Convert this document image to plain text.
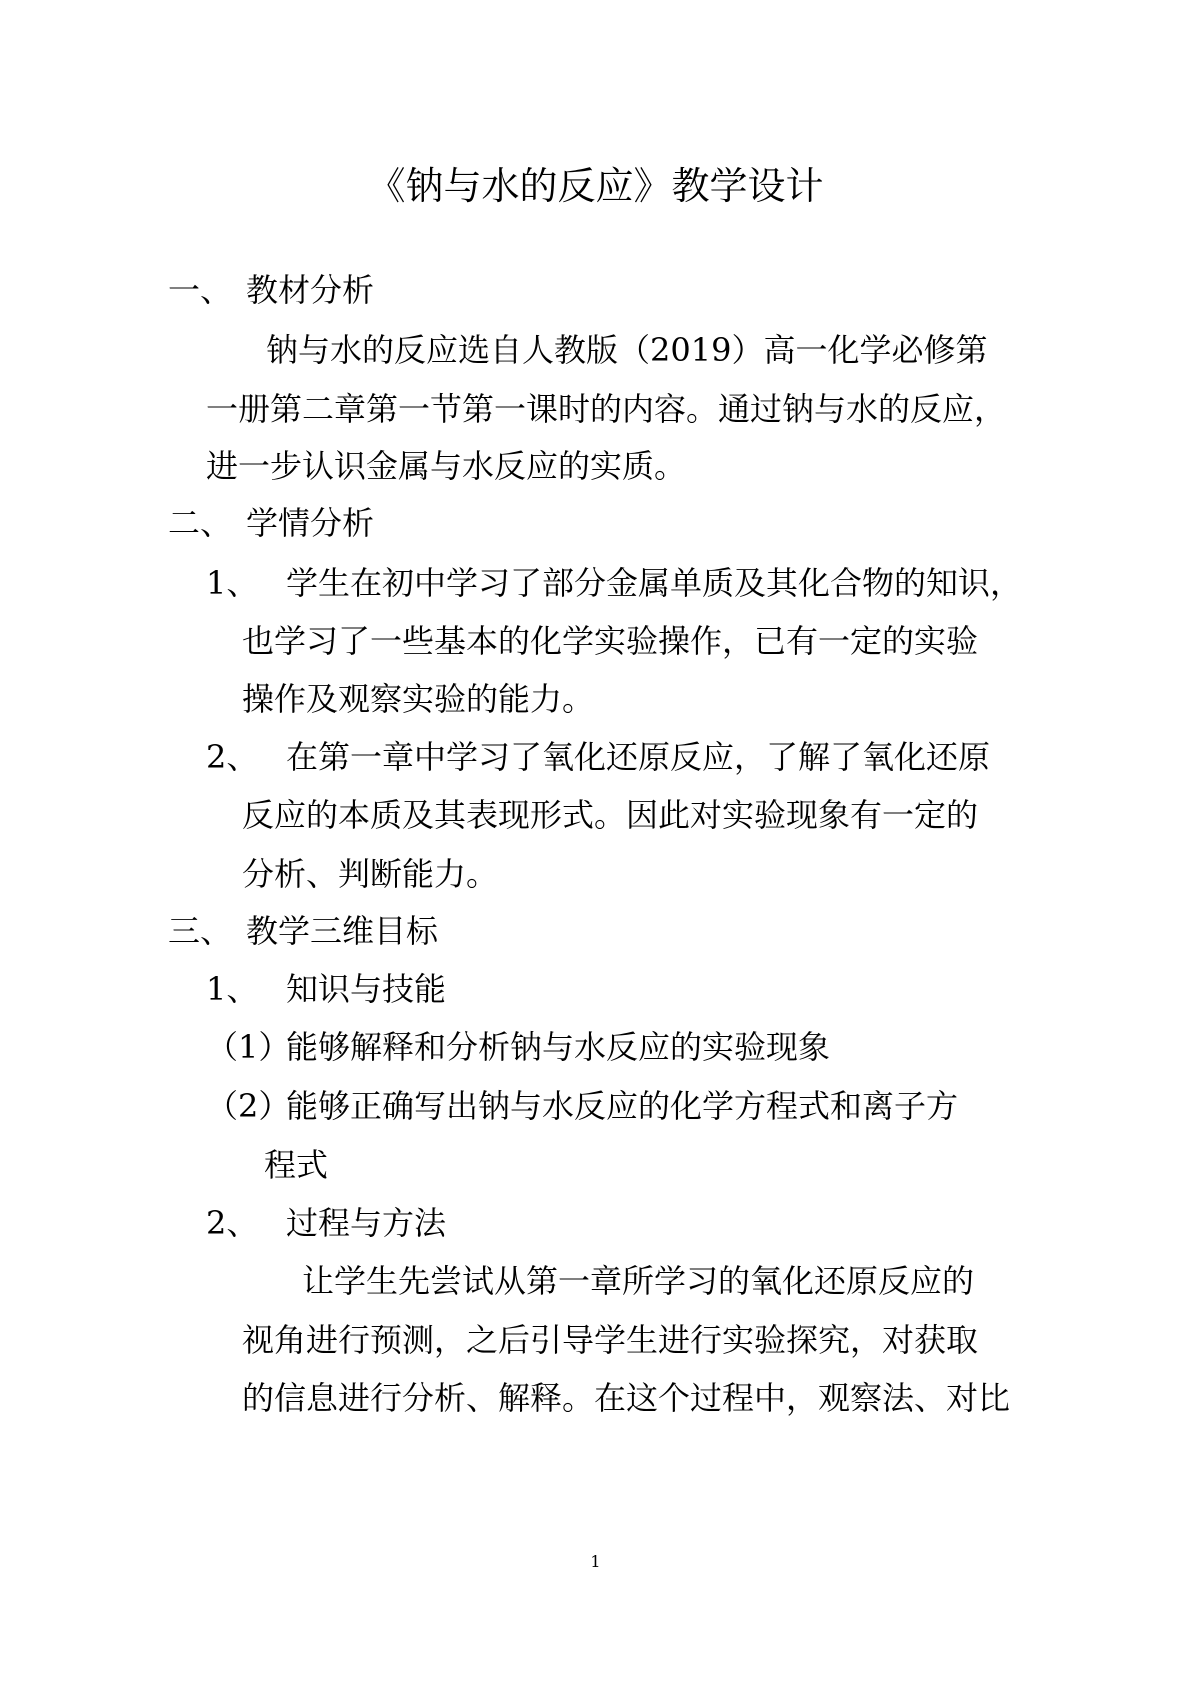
《钠与水的反应》教学设计
一、 教材分析
钠与水的反应选自人教版（2019）高一化学必修第
一册第二章第一节第一课时的内容。通过钠与水的反应，
进一步认识金属与水反应的实质。
二、 学情分析
1、 学生在初中学习了部分金属单质及其化合物的知识，
也学习了一些基本的化学实验操作，已有一定的实验
操作及观察实验的能力。
2、 在第一章中学习了氧化还原反应，了解了氧化还原
反应的本质及其表现形式。因此对实验现象有一定的
分析、判断能力。
三、 教学三维目标
1、 知识与技能
（1）
能够解释和分析钠与水反应的实验现象
（2）
能够正确写出钠与水反应的化学方程式和离子方
程式
2、 过程与方法
让学生先尝试从第一章所学习的氧化还原反应的
视角进行预测，之后引导学生进行实验探究，对获取
的信息进行分析、解释。在这个过程中，观察法、对比
1
